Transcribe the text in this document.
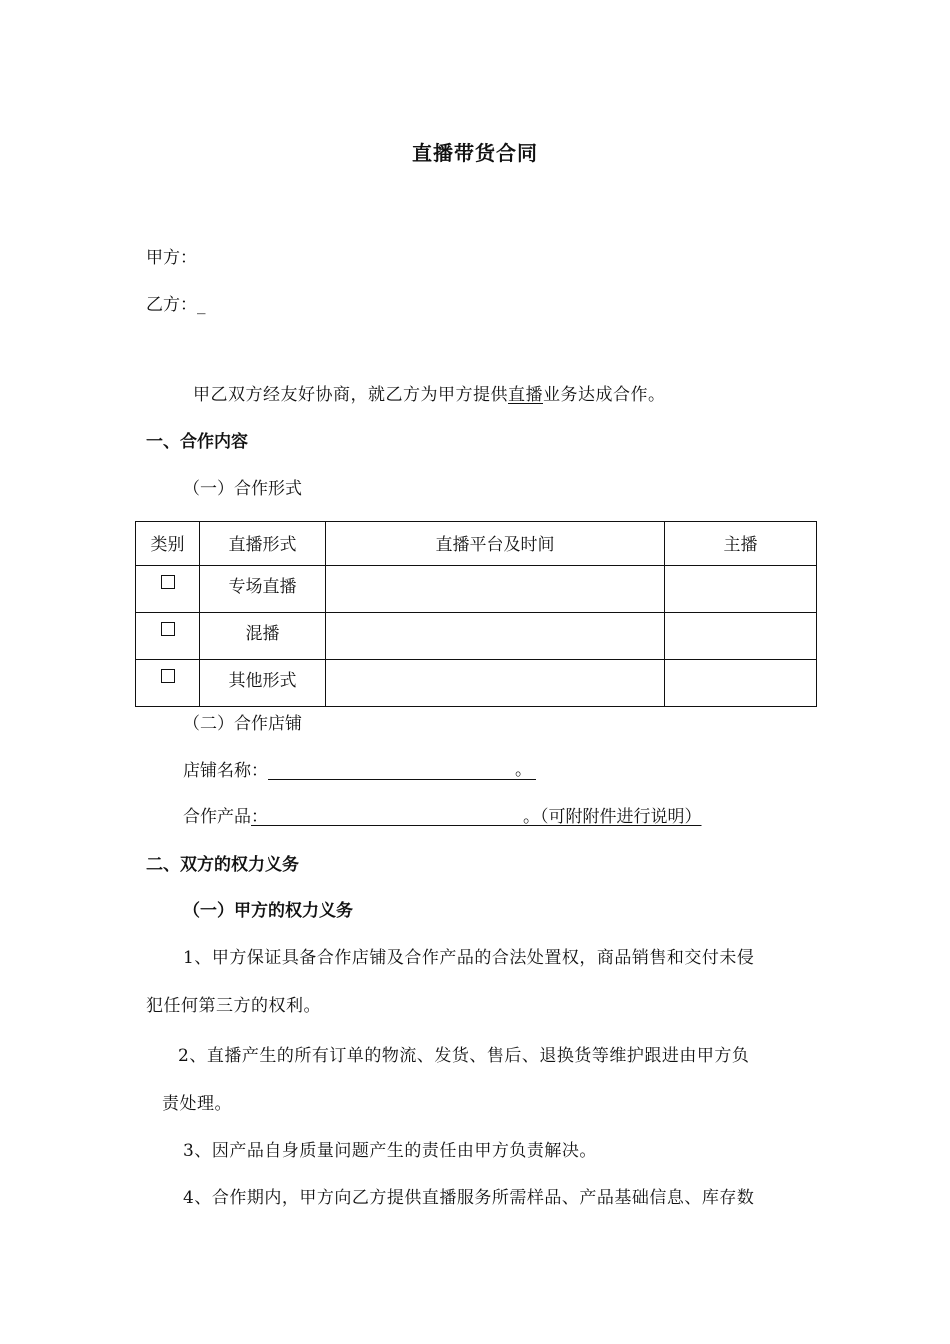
直播带货合同
甲方：
乙方：_
甲乙双方经友好协商，就乙方为甲方提供直播业务达成合作。
一、合作内容
（一）合作形式
类别	直播形式	直播平台及时间	主播
	专场直播		
	混播		
	其他形式		
（二）合作店铺
店铺名称：	。
合作产品：	。（可附附件进行说明）
二、双方的权力义务
（一）甲方的权力义务
1、甲方保证具备合作店铺及合作产品的合法处置权，商品销售和交付未侵
犯任何第三方的权利。
2、直播产生的所有订单的物流、发货、售后、退换货等维护跟进由甲方负
责处理。
3、因产品自身质量问题产生的责任由甲方负责解决。
4、合作期内，甲方向乙方提供直播服务所需样品、产品基础信息、库存数
